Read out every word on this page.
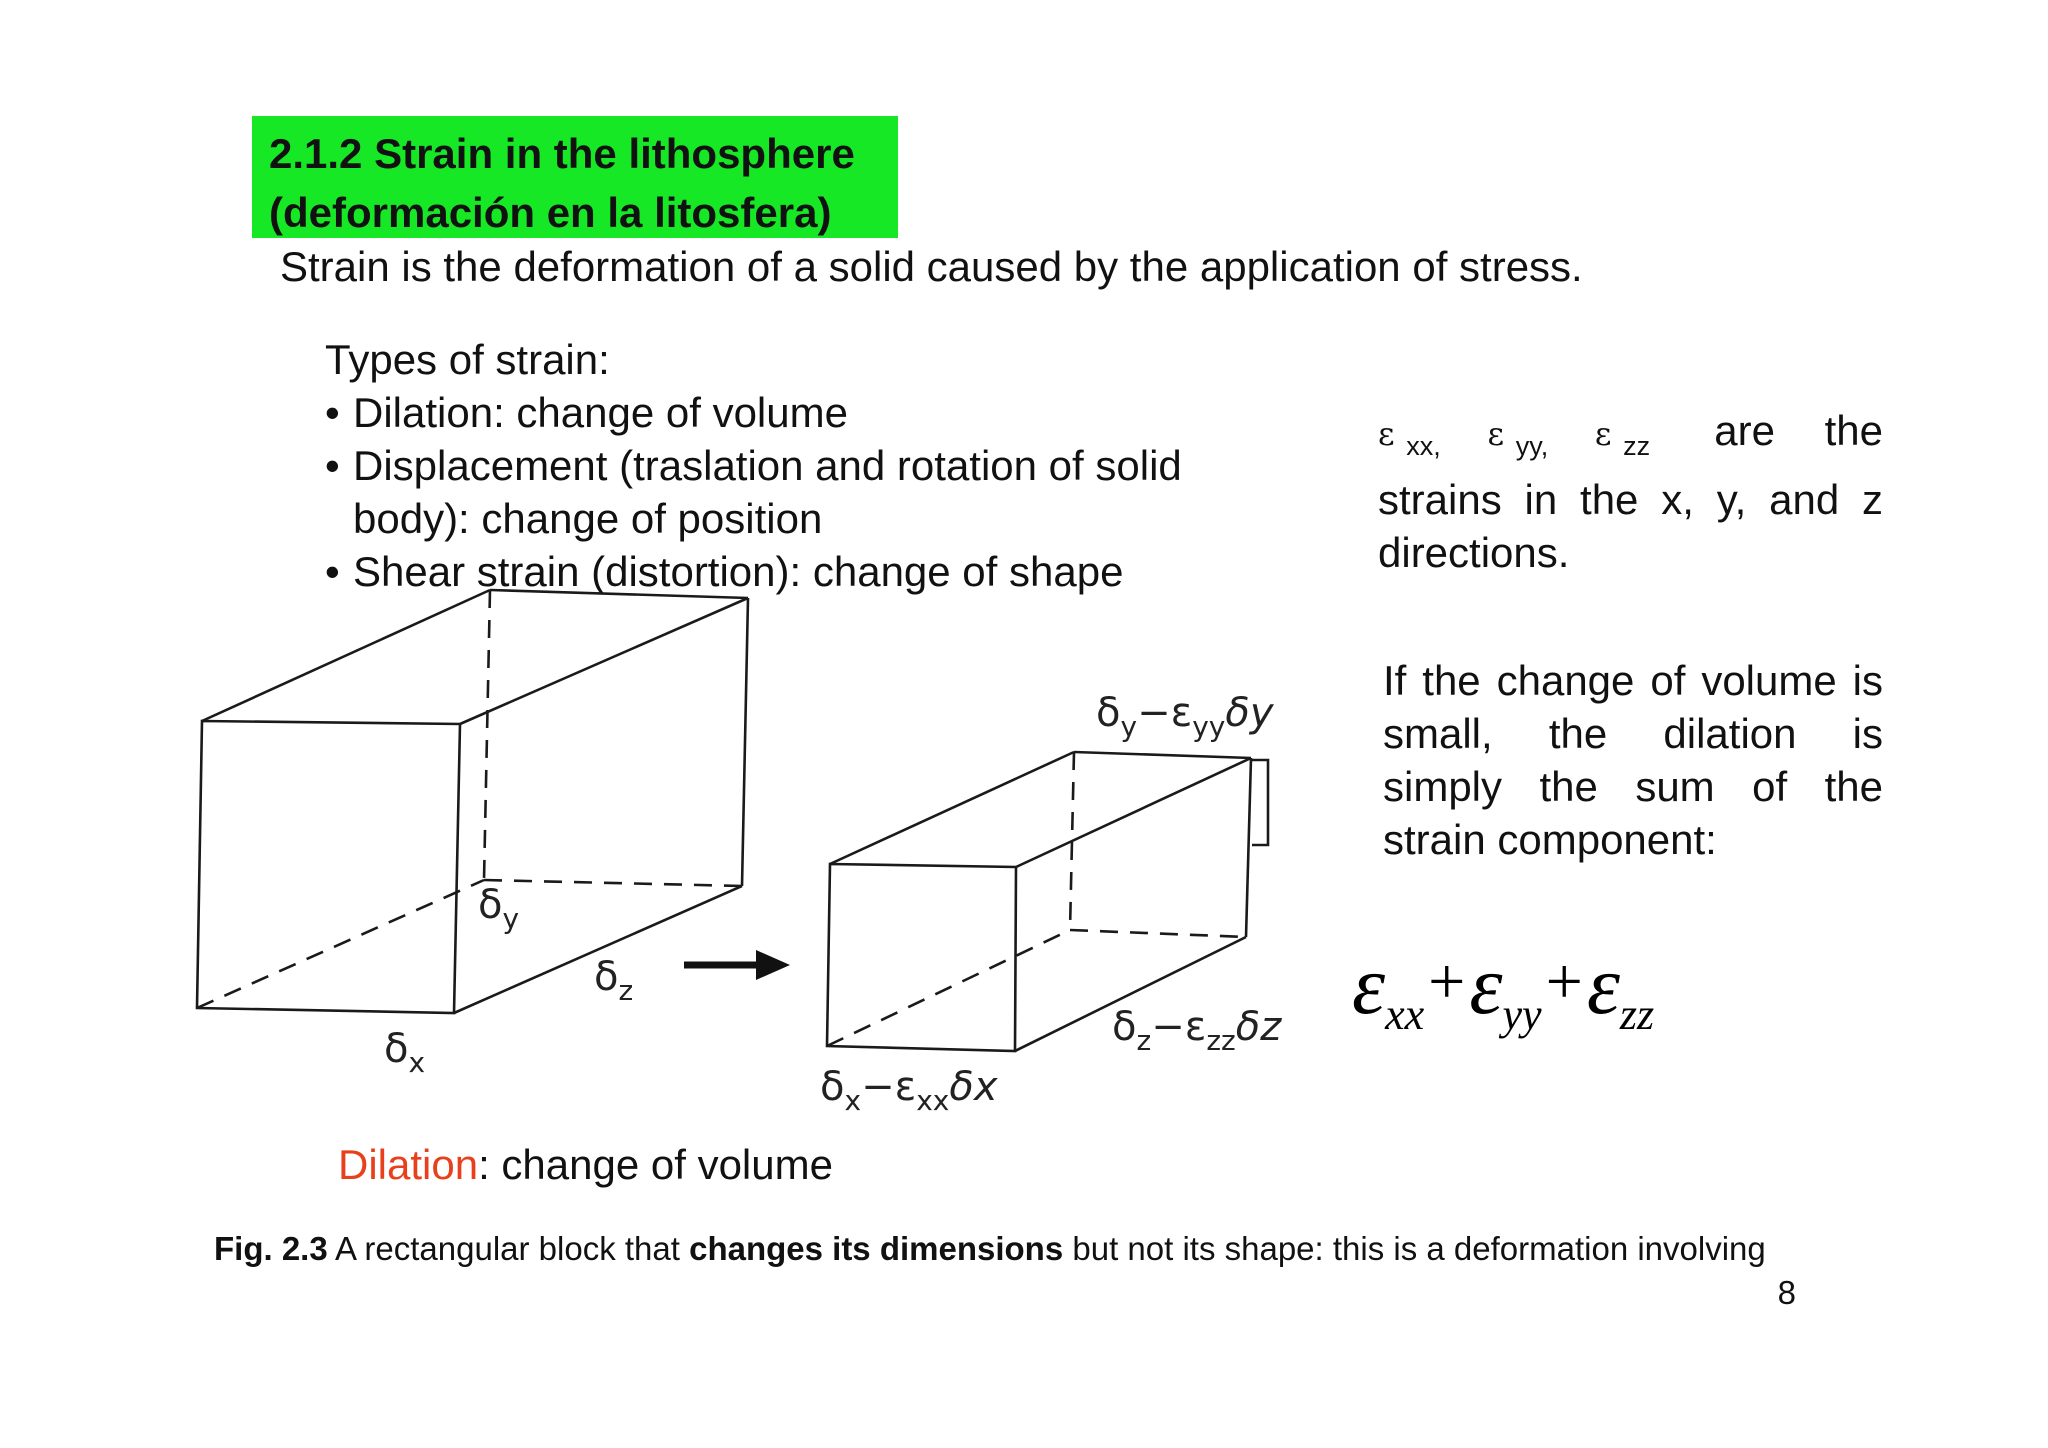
2.1.2 Strain in the lithosphere
(deformación en la litosfera)
Strain is the deformation of a solid caused by the application of stress.
Types of strain:
• Dilation: change of volume
• Displacement (traslation and rotation of solid
body): change of position
• Shear strain (distortion): change of shape
ε $_{xx,}$ ε $_{yy,}$ ε $_{zz}$ are the
strains in the x, y, and z
directions.
If the change of volume is
small, the dilation is
simply the sum of the
strain component:
$\varepsilon_{xx}+\varepsilon_{yy}+\varepsilon_{zz}$
$\delta_y$
$\delta_z$
$\delta_x$
$\delta_y-\varepsilon_{yy}\delta y$
$\delta_z-\varepsilon_{zz}\delta z$
$\delta_x-\varepsilon_{xx}\delta x$
Dilation: change of volume
Fig. 2.3 A rectangular block that changes its dimensions but not its shape: this is a deformation involving
8
